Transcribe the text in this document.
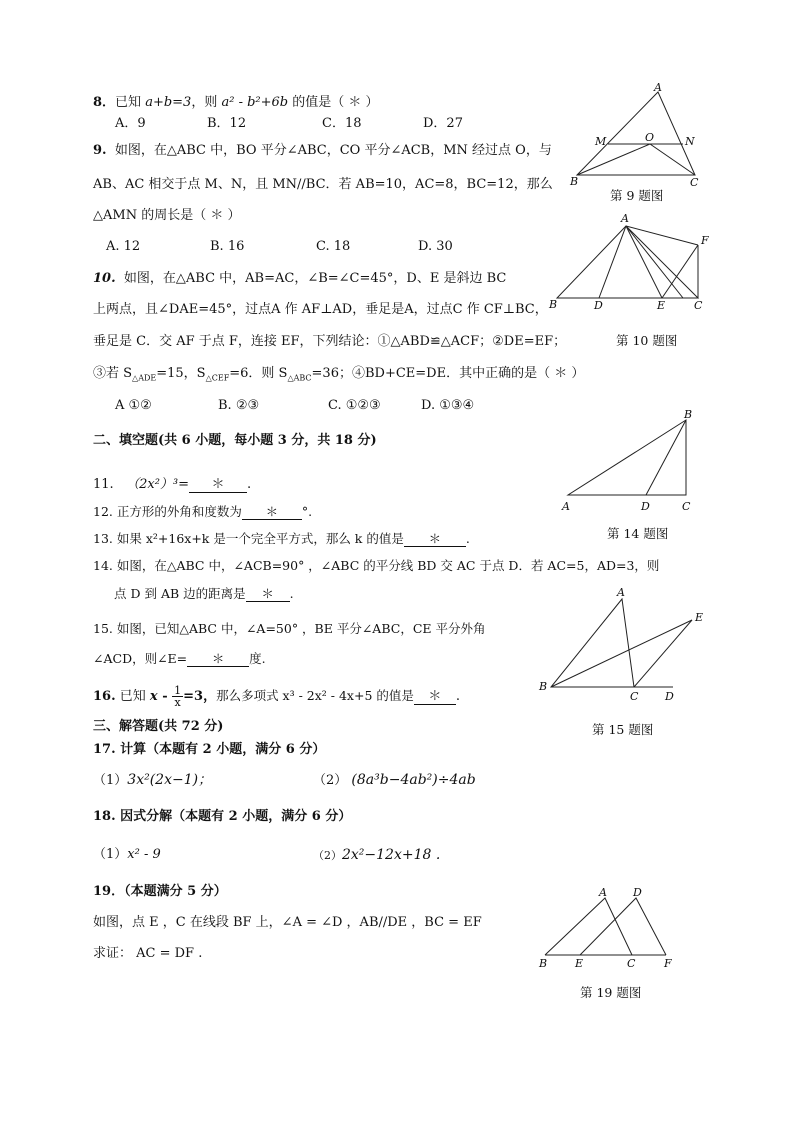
8．已知 a+b=3，则 a² - b²+6b 的值是（ ＊ ）
A．9	B．12	C．18	D．27
9. 如图，在△ABC 中，BO 平分∠ABC，CO 平分∠ACB，MN 经过点 O，与
AB、AC 相交于点 M、N，且 MN//BC．若 AB=10，AC=8，BC=12，那么
△AMN 的周长是（ ＊ ）
A. 12	B. 16	C. 18	D. 30
A
M	O	N
B	C
第 9 题图
10. 如图，在△ABC 中，AB=AC，∠B=∠C=45°，D、E 是斜边 BC
上两点，且∠DAE=45°，过点A 作 AF⊥AD，垂足是A，过点C 作 CF⊥BC，
垂足是 C．交 AF 于点 F，连接 EF，下列结论：①△ABD≌△ACF；②DE=EF；
③若 $S_{\triangle ADE}=15$，$S_{\triangle CEF}=6$．则 $S_{\triangle ABC}=36$；④BD+CE=DE．其中正确的是（ ＊ ）
A ①②	B. ②③	C. ①②③	D. ①③④
A
F
B	D	E	C
第 10 题图
二、填空题(共 6 小题，每小题 3 分，共 18 分)
11. （2x²）³= ＊ .
12. 正方形的外角和度数为 ＊ °.
13. 如果 x²+16x+k 是一个完全平方式，那么 k 的值是 ＊ .
B
A	D	C
第 14 题图
14. 如图，在△ABC 中，∠ACB=90° ，∠ABC 的平分线 BD 交 AC 于点 D．若 AC=5，AD=3，则
点 D 到 AB 边的距离是 ＊ .
15. 如图，已知△ABC 中，∠A=50° ，BE 平分∠ABC，CE 平分外角
∠ACD，则∠E= ＊ 度.
A
E
B
C D
第 15 题图
16. 已知 $x - \frac{1}{x} =3$，那么多项式 x³ - 2x² - 4x+5 的值是 ＊ .
三、解答题(共 72 分)
17. 计算（本题有 2 小题，满分 6 分）
（1）3x²(2x−1)；	（2） (8a³b−4ab²)÷4ab
18. 因式分解（本题有 2 小题，满分 6 分）
（1）x² - 9	（2）2x²−12x+18 .
19．（本题满分 5 分）
如图，点 E ，C 在线段 BF 上，∠A = ∠D ，AB//DE ，BC = EF
求证： AC = DF .
A D
B	E	C	F
第 19 题图
